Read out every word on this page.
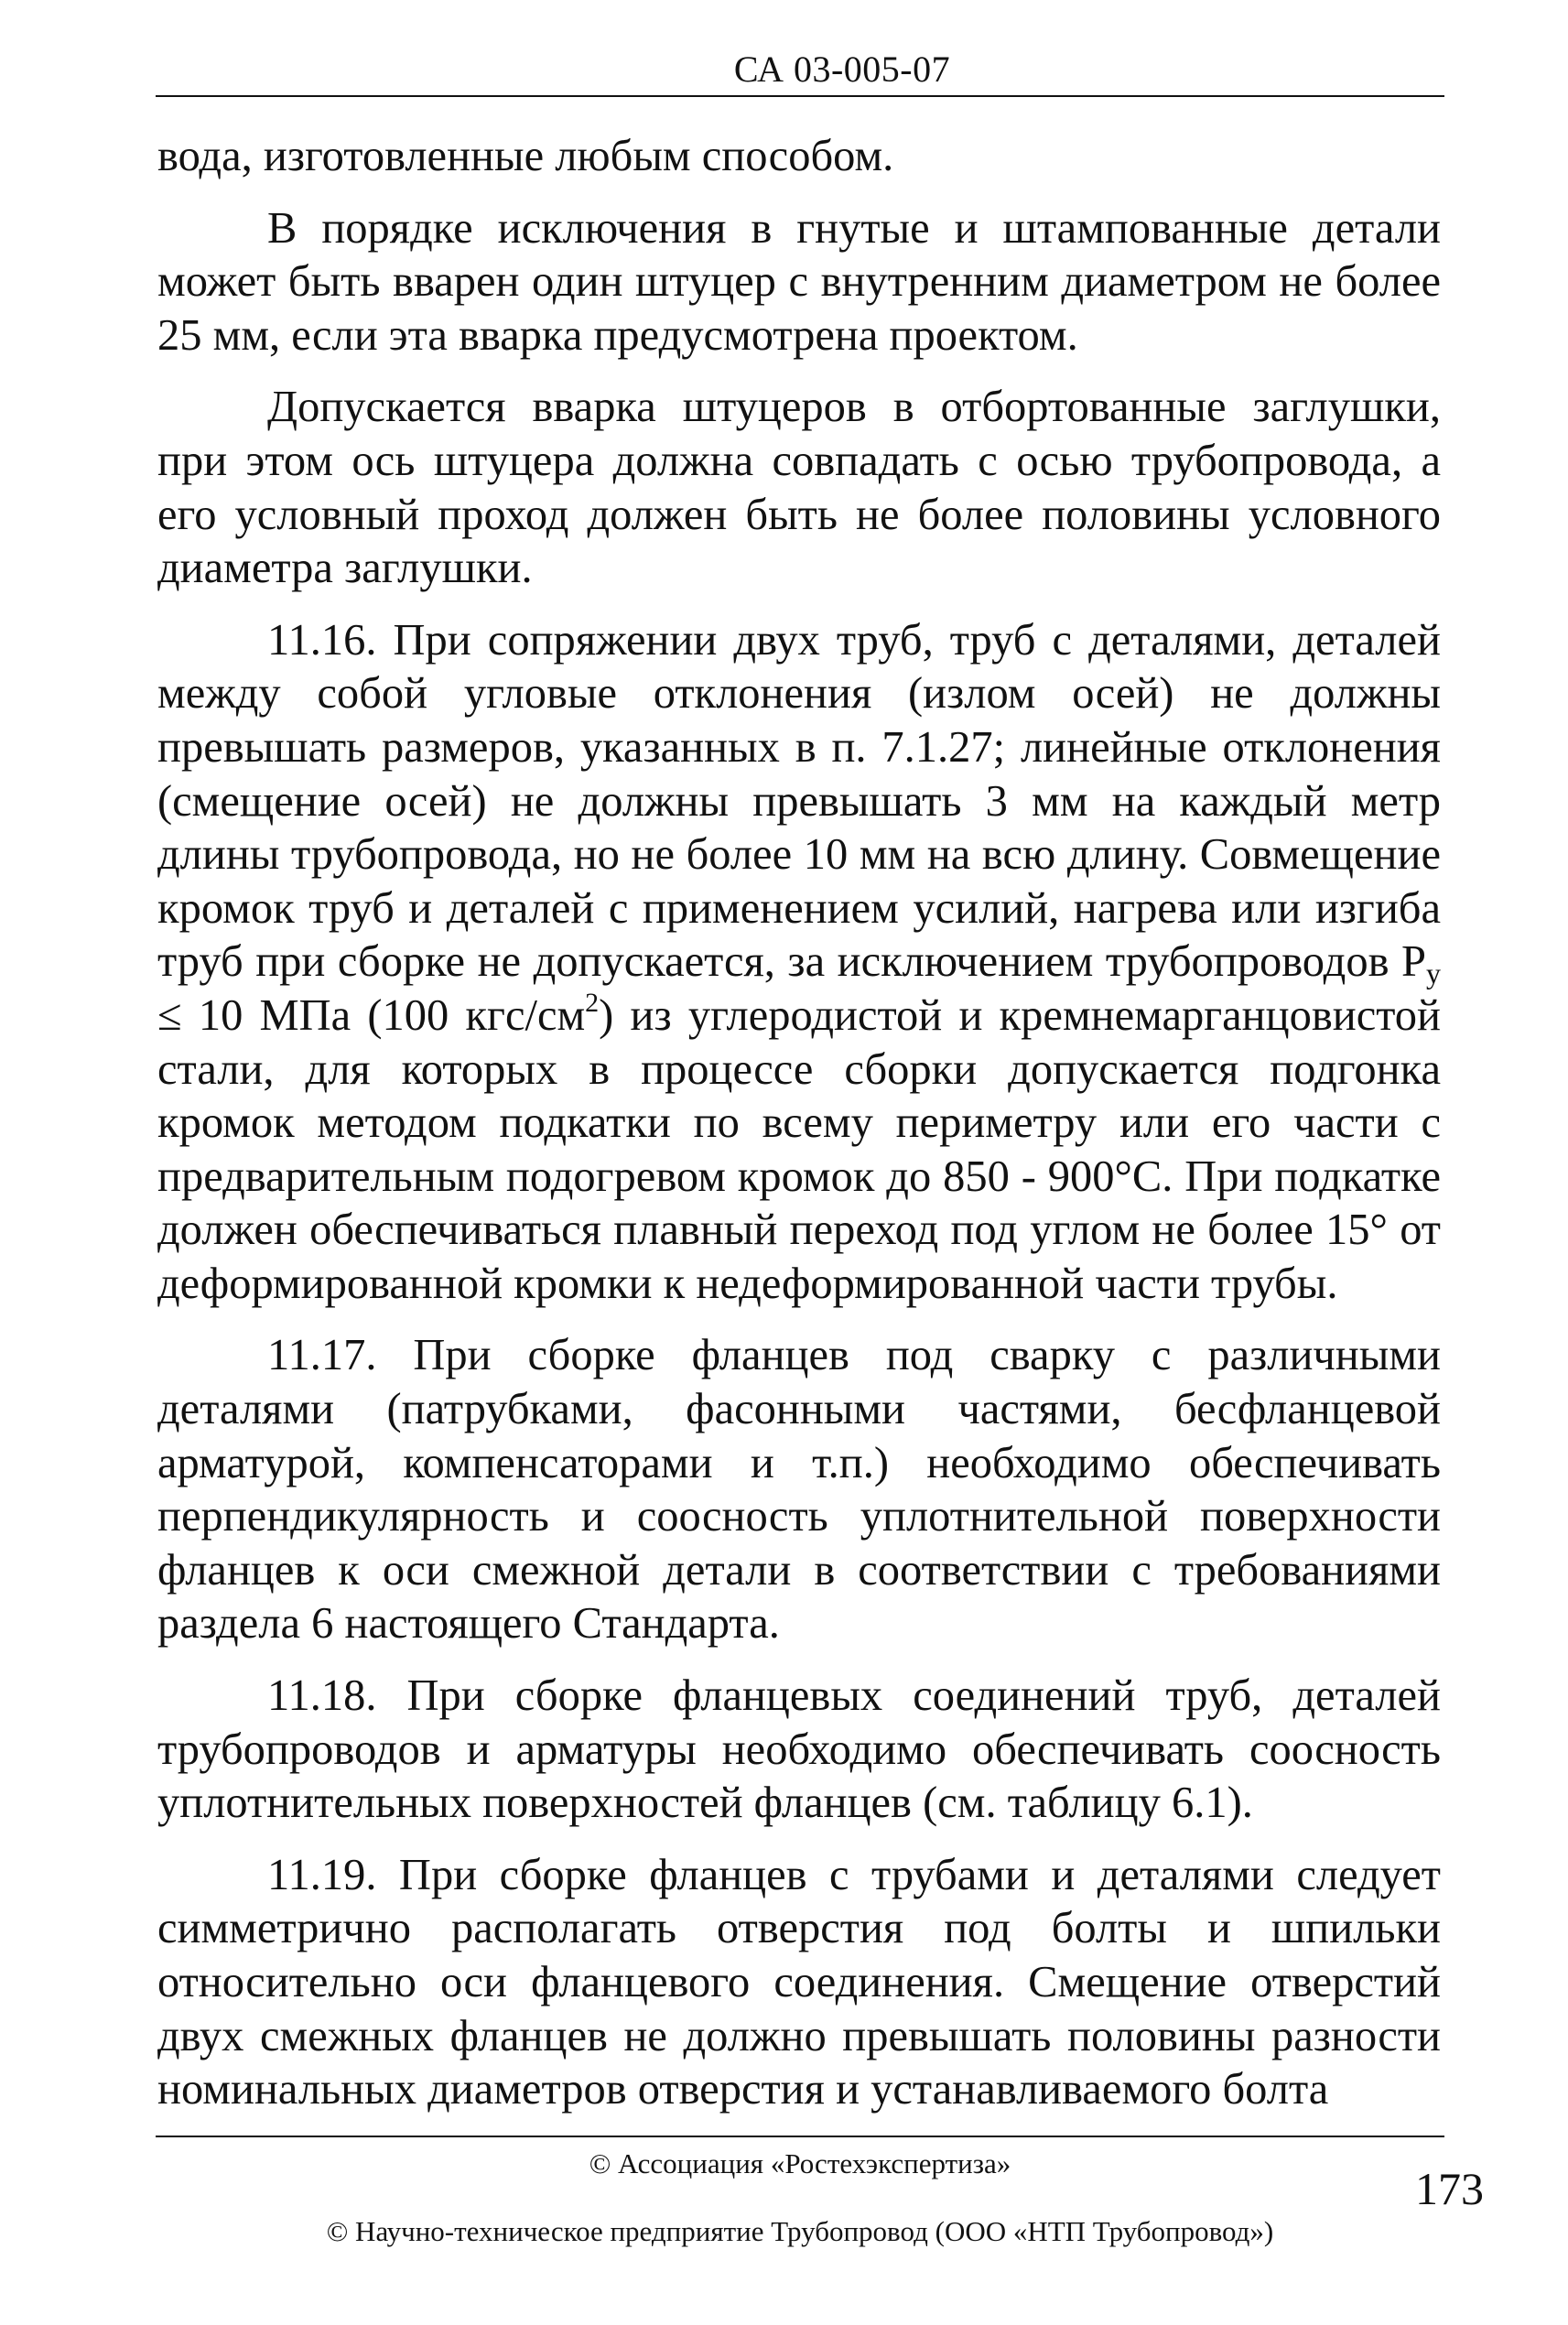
СА 03-005-07

вода, изготовленные любым способом.

В порядке исключения в гнутые и штампованные детали может быть вварен один штуцер с внутренним диаметром не более 25 мм, если эта вварка предусмотрена проектом.

Допускается вварка штуцеров в отбортованные заглушки, при этом ось штуцера должна совпадать с осью трубопровода, а его условный проход должен быть не более половины условного диаметра заглушки.

11.16. При сопряжении двух труб, труб с деталями, деталей между собой угловые отклонения (излом осей) не должны превышать размеров, указанных в п. 7.1.27; линейные отклонения (смещение осей) не должны превышать 3 мм на каждый метр длины трубопровода, но не более 10 мм на всю длину. Совмещение кромок труб и деталей с применением усилий, нагрева или изгиба труб при сборке не допускается, за исключением трубопроводов $P_у \le 10$ МПа (100 кгс/$см^2$) из углеродистой и кремнемарганцовистой стали, для которых в процессе сборки допускается подгонка кромок методом подкатки по всему периметру или его части с предварительным подогревом кромок до 850 - 900°С. При подкатке должен обеспечиваться плавный переход под углом не более 15° от деформированной кромки к недеформированной части трубы.

11.17. При сборке фланцев под сварку с различными деталями (патрубками, фасонными частями, бесфланцевой арматурой, компенсаторами и т.п.) необходимо обеспечивать перпендикулярность и соосность уплотнительной поверхности фланцев к оси смежной детали в соответствии с требованиями раздела 6 настоящего Стандарта.

11.18. При сборке фланцевых соединений труб, деталей трубопроводов и арматуры необходимо обеспечивать соосность уплотнительных поверхностей фланцев (см. таблицу 6.1).

11.19. При сборке фланцев с трубами и деталями следует симметрично располагать отверстия под болты и шпильки относительно оси фланцевого соединения. Смещение отверстий двух смежных фланцев не должно превышать половины разности номинальных диаметров отверстия и устанавливаемого болта

© Ассоциация «Ростехэкспертиза»
© Научно-техническое предприятие Трубопровод (ООО «НТП Трубопровод»)
173
